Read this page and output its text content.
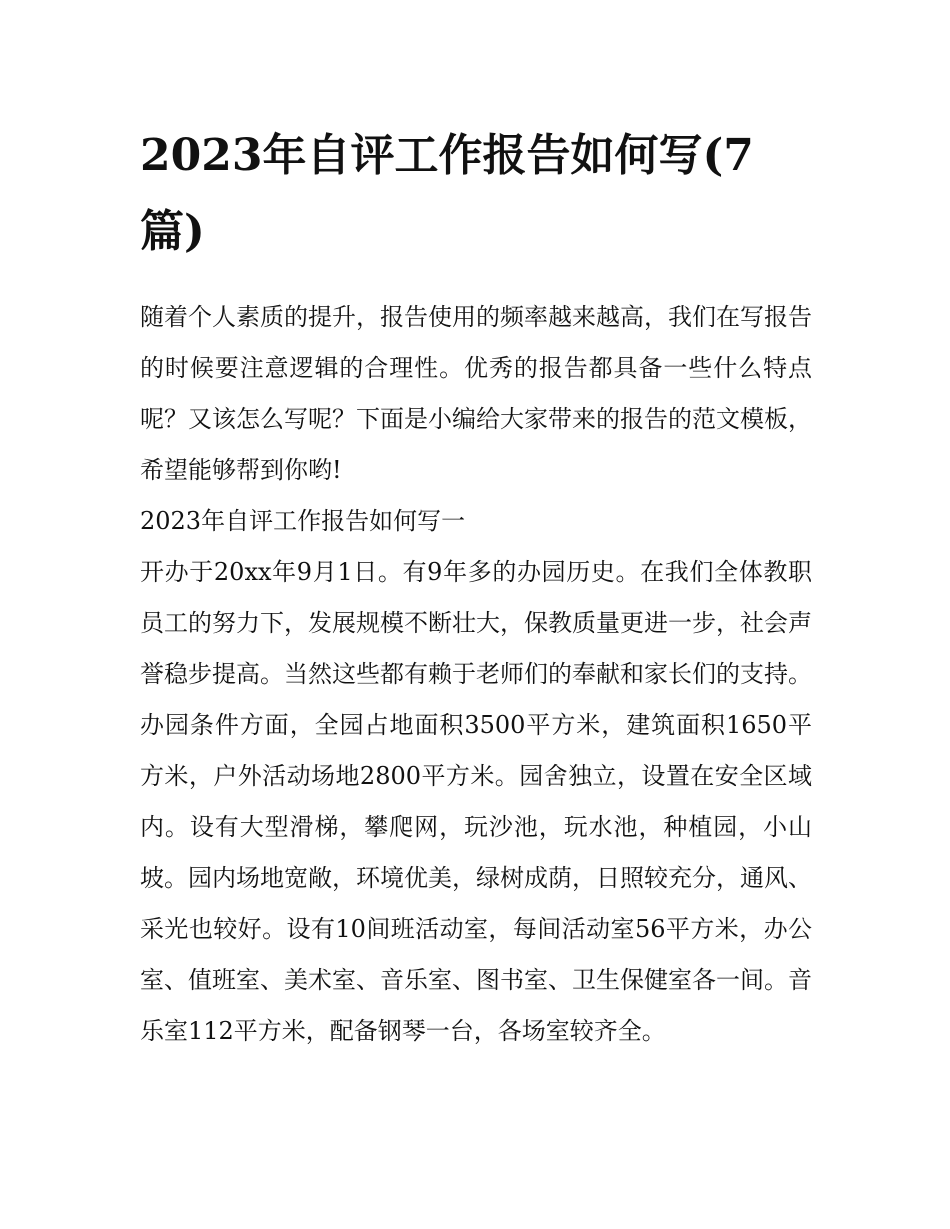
2023年自评工作报告如何写(7篇)

随着个人素质的提升，报告使用的频率越来越高，我们在写报告的时候要注意逻辑的合理性。优秀的报告都具备一些什么特点呢？又该怎么写呢？下面是小编给大家带来的报告的范文模板，希望能够帮到你哟!

2023年自评工作报告如何写一

开办于20xx年9月1日。有9年多的办园历史。在我们全体教职员工的努力下，发展规模不断壮大，保教质量更进一步，社会声誉稳步提高。当然这些都有赖于老师们的奉献和家长们的支持。

办园条件方面，全园占地面积3500平方米，建筑面积1650平方米，户外活动场地2800平方米。园舍独立，设置在安全区域内。设有大型滑梯，攀爬网，玩沙池，玩水池，种植园，小山坡。园内场地宽敞，环境优美，绿树成荫，日照较充分，通风、采光也较好。设有10间班活动室，每间活动室56平方米，办公室、值班室、美术室、音乐室、图书室、卫生保健室各一间。音乐室112平方米，配备钢琴一台，各场室较齐全。
